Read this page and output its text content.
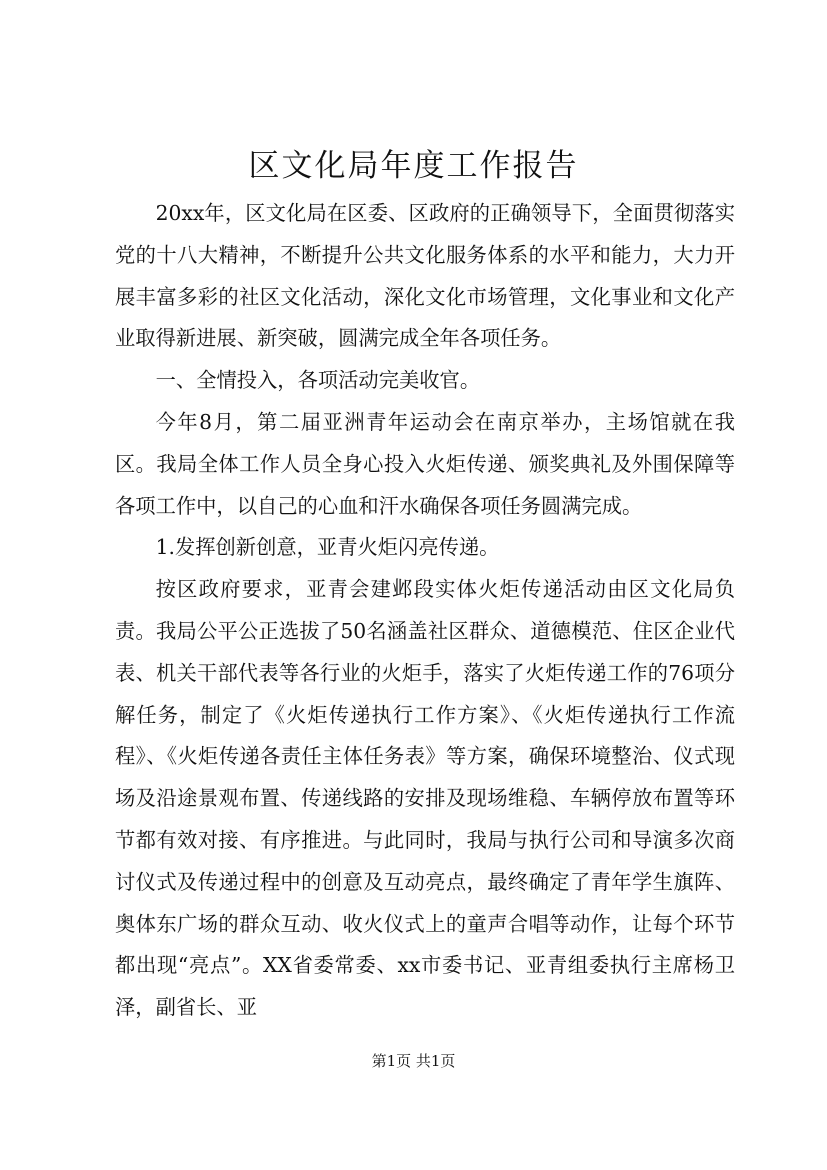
区文化局年度工作报告

20xx年，区文化局在区委、区政府的正确领导下，全面贯彻落实党的十八大精神，不断提升公共文化服务体系的水平和能力，大力开展丰富多彩的社区文化活动，深化文化市场管理，文化事业和文化产业取得新进展、新突破，圆满完成全年各项任务。

一、全情投入，各项活动完美收官。

今年8月，第二届亚洲青年运动会在南京举办，主场馆就在我区。我局全体工作人员全身心投入火炬传递、颁奖典礼及外围保障等各项工作中，以自己的心血和汗水确保各项任务圆满完成。

1.发挥创新创意，亚青火炬闪亮传递。

按区政府要求，亚青会建邺段实体火炬传递活动由区文化局负责。我局公平公正选拔了50名涵盖社区群众、道德模范、住区企业代表、机关干部代表等各行业的火炬手，落实了火炬传递工作的76项分解任务，制定了《火炬传递执行工作方案》、《火炬传递执行工作流程》、《火炬传递各责任主体任务表》等方案，确保环境整治、仪式现场及沿途景观布置、传递线路的安排及现场维稳、车辆停放布置等环节都有效对接、有序推进。与此同时，我局与执行公司和导演多次商讨仪式及传递过程中的创意及互动亮点，最终确定了青年学生旗阵、奥体东广场的群众互动、收火仪式上的童声合唱等动作，让每个环节都出现“亮点”。XX省委常委、xx市委书记、亚青组委执行主席杨卫泽，副省长、亚

第1页 共1页
